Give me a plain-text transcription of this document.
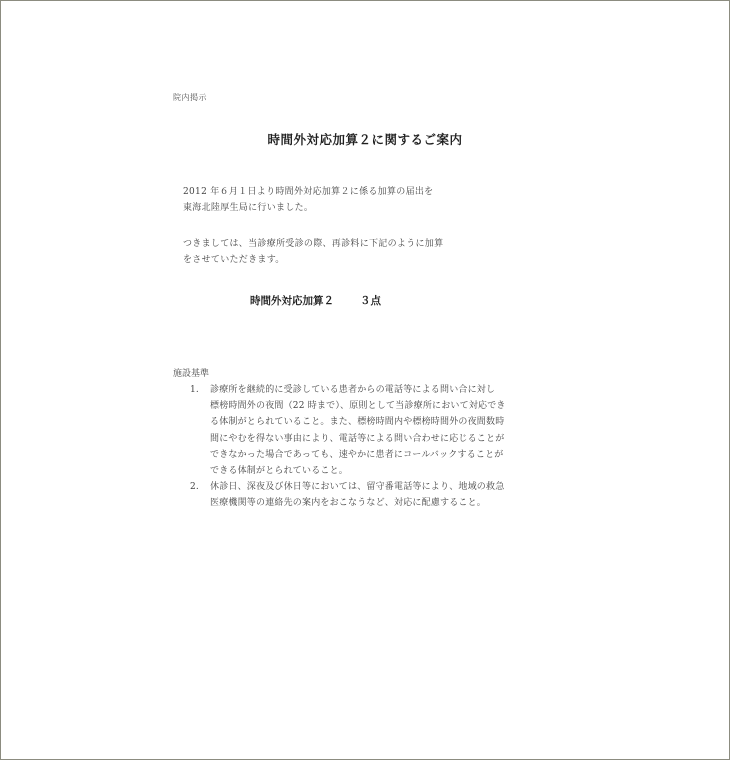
院内掲示
時間外対応加算２に関するご案内
2012 年６月１日より時間外対応加算２に係る加算の届出を
東海北陸厚生局に行いました。
つきましては、当診療所受診の際、再診料に下記のように加算
をさせていただきます。
時間外対応加算２ ３点
施設基準
1.	診療所を継続的に受診している患者からの電話等による問い合に対し
標榜時間外の夜間（22 時まで）、原則として当診療所において対応でき
る体制がとられていること。また、標榜時間内や標榜時間外の夜間数時
間にやむを得ない事由により、電話等による問い合わせに応じることが
できなかった場合であっても、速やかに患者にコールバックすることが
できる体制がとられていること。
2.	休診日、深夜及び休日等においては、留守番電話等により、地域の救急
医療機関等の連絡先の案内をおこなうなど、対応に配慮すること。
